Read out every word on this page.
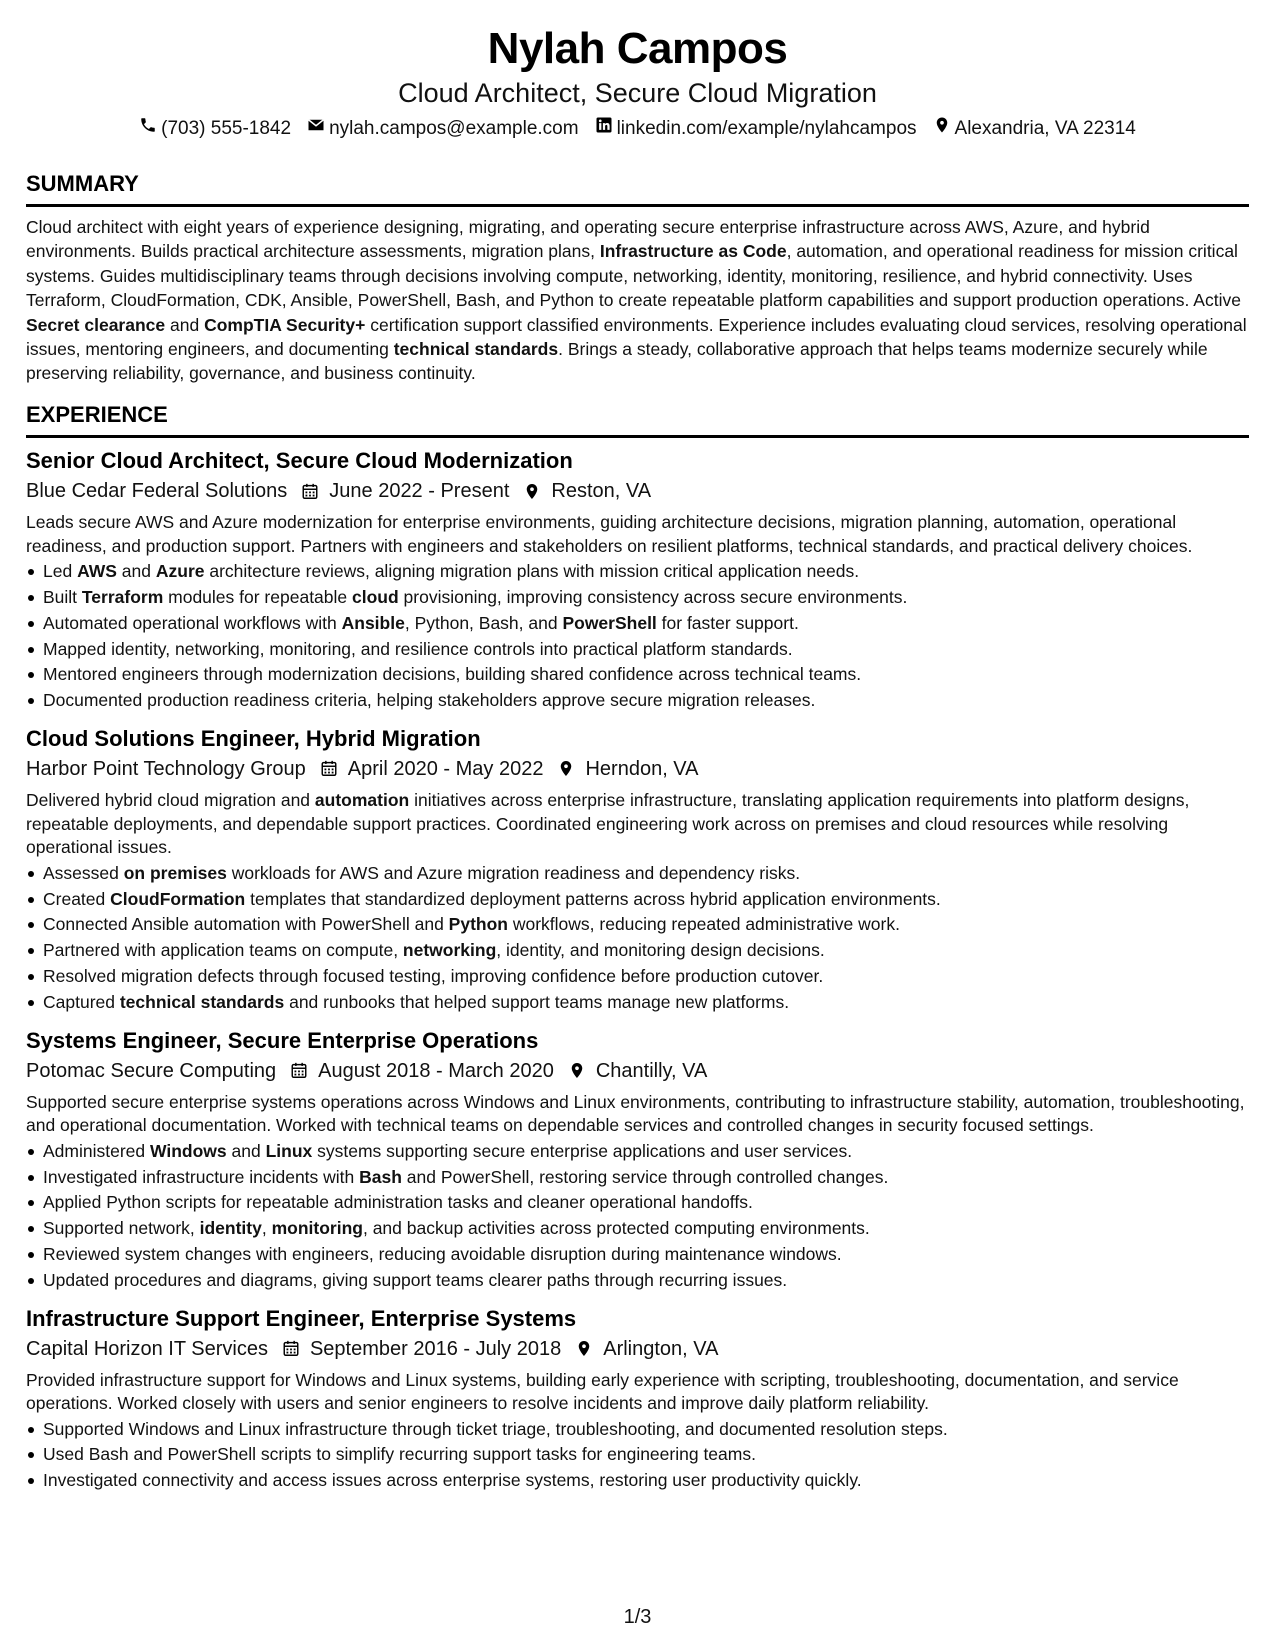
Nylah Campos
Cloud Architect, Secure Cloud Migration
(703) 555-1842 nylah.campos@example.com linkedin.com/example/nylahcampos Alexandria, VA 22314
SUMMARY

Cloud architect with eight years of experience designing, migrating, and operating secure enterprise infrastructure across AWS, Azure, and hybrid environments. Builds practical architecture assessments, migration plans, Infrastructure as Code, automation, and operational readiness for mission critical systems. Guides multidisciplinary teams through decisions involving compute, networking, identity, monitoring, resilience, and hybrid connectivity. Uses Terraform, CloudFormation, CDK, Ansible, PowerShell, Bash, and Python to create repeatable platform capabilities and support production operations. Active Secret clearance and CompTIA Security+ certification support classified environments. Experience includes evaluating cloud services, resolving operational issues, mentoring engineers, and documenting technical standards. Brings a steady, collaborative approach that helps teams modernize securely while preserving reliability, governance, and business continuity.

EXPERIENCE
Senior Cloud Architect, Secure Cloud Modernization
Blue Cedar Federal Solutions June 2022 - Present Reston, VA

Leads secure AWS and Azure modernization for enterprise environments, guiding architecture decisions, migration planning, automation, operational readiness, and production support. Partners with engineers and stakeholders on resilient platforms, technical standards, and practical delivery choices.

Led AWS and Azure architecture reviews, aligning migration plans with mission critical application needs.
Built Terraform modules for repeatable cloud provisioning, improving consistency across secure environments.
Automated operational workflows with Ansible, Python, Bash, and PowerShell for faster support.
Mapped identity, networking, monitoring, and resilience controls into practical platform standards.
Mentored engineers through modernization decisions, building shared confidence across technical teams.
Documented production readiness criteria, helping stakeholders approve secure migration releases.
Cloud Solutions Engineer, Hybrid Migration
Harbor Point Technology Group April 2020 - May 2022 Herndon, VA

Delivered hybrid cloud migration and automation initiatives across enterprise infrastructure, translating application requirements into platform designs, repeatable deployments, and dependable support practices. Coordinated engineering work across on premises and cloud resources while resolving operational issues.

Assessed on premises workloads for AWS and Azure migration readiness and dependency risks.
Created CloudFormation templates that standardized deployment patterns across hybrid application environments.
Connected Ansible automation with PowerShell and Python workflows, reducing repeated administrative work.
Partnered with application teams on compute, networking, identity, and monitoring design decisions.
Resolved migration defects through focused testing, improving confidence before production cutover.
Captured technical standards and runbooks that helped support teams manage new platforms.
Systems Engineer, Secure Enterprise Operations
Potomac Secure Computing August 2018 - March 2020 Chantilly, VA

Supported secure enterprise systems operations across Windows and Linux environments, contributing to infrastructure stability, automation, troubleshooting, and operational documentation. Worked with technical teams on dependable services and controlled changes in security focused settings.

Administered Windows and Linux systems supporting secure enterprise applications and user services.
Investigated infrastructure incidents with Bash and PowerShell, restoring service through controlled changes.
Applied Python scripts for repeatable administration tasks and cleaner operational handoffs.
Supported network, identity, monitoring, and backup activities across protected computing environments.
Reviewed system changes with engineers, reducing avoidable disruption during maintenance windows.
Updated procedures and diagrams, giving support teams clearer paths through recurring issues.
Infrastructure Support Engineer, Enterprise Systems
Capital Horizon IT Services September 2016 - July 2018 Arlington, VA

Provided infrastructure support for Windows and Linux systems, building early experience with scripting, troubleshooting, documentation, and service operations. Worked closely with users and senior engineers to resolve incidents and improve daily platform reliability.

Supported Windows and Linux infrastructure through ticket triage, troubleshooting, and documented resolution steps.
Used Bash and PowerShell scripts to simplify recurring support tasks for engineering teams.
Investigated connectivity and access issues across enterprise systems, restoring user productivity quickly.
1/3
